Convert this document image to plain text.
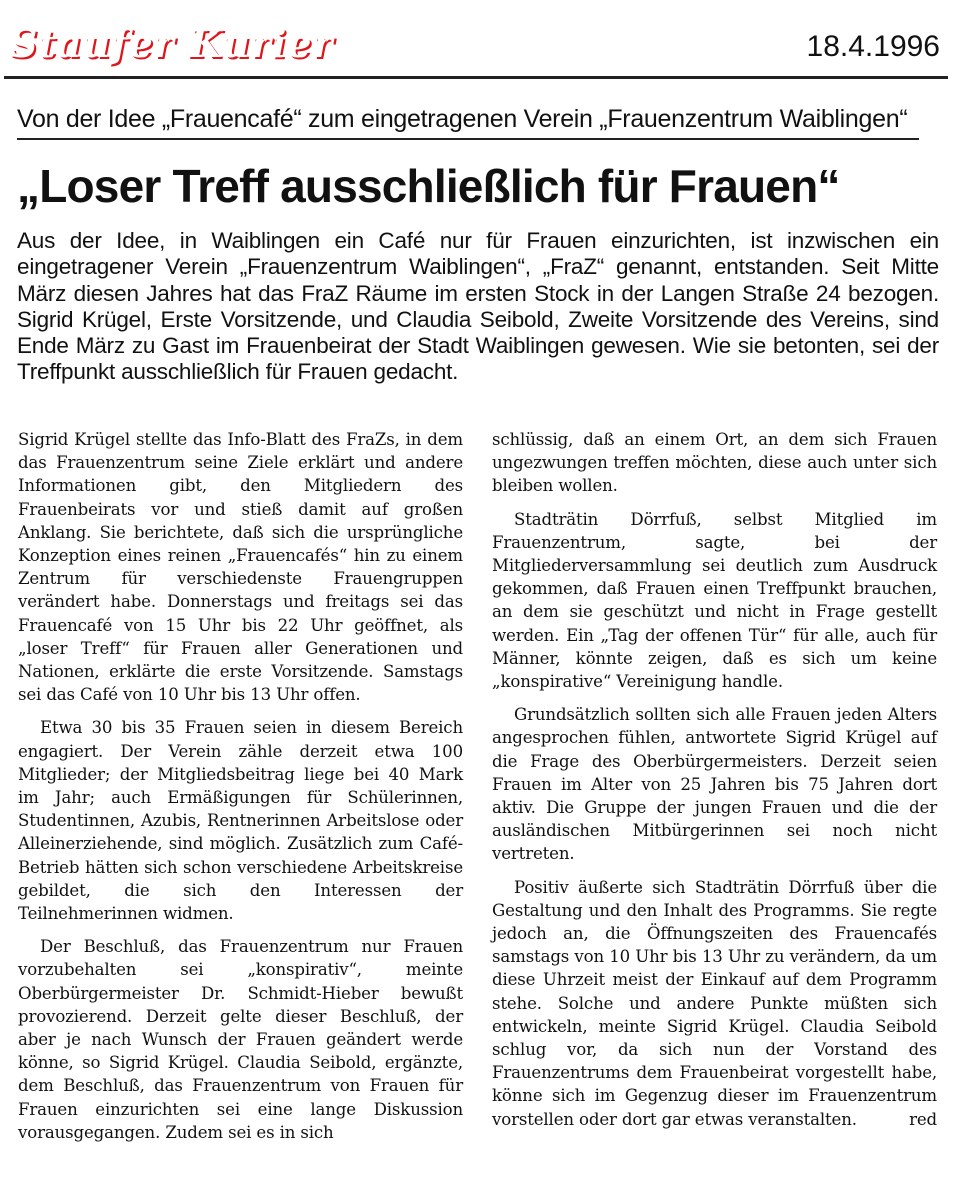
Staufer Kurier	18.4.1996
Von der Idee „Frauencafé“ zum eingetragenen Verein „Frauenzentrum Waiblingen“
„Loser Treff ausschließlich für Frauen“
Aus der Idee, in Waiblingen ein Café nur für Frauen einzurichten, ist inzwischen ein eingetragener Verein „Frauenzentrum Waiblingen“, „FraZ“ genannt, entstanden. Seit Mitte März diesen Jahres hat das FraZ Räume im ersten Stock in der Langen Straße 24 bezogen. Sigrid Krügel, Erste Vorsitzende, und Claudia Seibold, Zweite Vorsitzende des Vereins, sind Ende März zu Gast im Frauenbeirat der Stadt Waiblingen gewesen. Wie sie betonten, sei der Treffpunkt ausschließlich für Frauen gedacht.

Sigrid Krügel stellte das Info-Blatt des FraZs, in dem das Frauenzentrum seine Ziele erklärt und andere Informationen gibt, den Mitgliedern des Frauenbeirats vor und stieß damit auf großen Anklang. Sie berichtete, daß sich die ursprüngliche Konzeption eines reinen „Frauencafés“ hin zu einem Zentrum für verschiedenste Frauengruppen verändert habe. Donnerstags und freitags sei das Frauencafé von 15 Uhr bis 22 Uhr geöffnet, als „loser Treff“ für Frauen aller Generationen und Nationen, erklärte die erste Vorsitzende. Samstags sei das Café von 10 Uhr bis 13 Uhr offen.

Etwa 30 bis 35 Frauen seien in diesem Bereich engagiert. Der Verein zähle derzeit etwa 100 Mitglieder; der Mitgliedsbeitrag liege bei 40 Mark im Jahr; auch Ermäßigungen für Schülerinnen, Studentinnen, Azubis, Rentnerinnen Arbeitslose oder Alleinerziehende, sind möglich. Zusätzlich zum Café-Betrieb hätten sich schon verschiedene Arbeitskreise gebildet, die sich den Interessen der Teilnehmerinnen widmen.

Der Beschluß, das Frauenzentrum nur Frauen vorzubehalten sei „konspirativ“, meinte Oberbürgermeister Dr. Schmidt-Hieber bewußt provozierend. Derzeit gelte dieser Beschluß, der aber je nach Wunsch der Frauen geändert werde könne, so Sigrid Krügel. Claudia Seibold, ergänzte, dem Beschluß, das Frauenzentrum von Frauen für Frauen einzurichten sei eine lange Diskussion vorausgegangen. Zudem sei es in sich

schlüssig, daß an einem Ort, an dem sich Frauen ungezwungen treffen möchten, diese auch unter sich bleiben wollen.

Stadträtin Dörrfuß, selbst Mitglied im Frauenzentrum, sagte, bei der Mitgliederversammlung sei deutlich zum Ausdruck gekommen, daß Frauen einen Treffpunkt brauchen, an dem sie geschützt und nicht in Frage gestellt werden. Ein „Tag der offenen Tür“ für alle, auch für Männer, könnte zeigen, daß es sich um keine „konspirative“ Vereinigung handle.

Grundsätzlich sollten sich alle Frauen jeden Alters angesprochen fühlen, antwortete Sigrid Krügel auf die Frage des Oberbürgermeisters. Derzeit seien Frauen im Alter von 25 Jahren bis 75 Jahren dort aktiv. Die Gruppe der jungen Frauen und die der ausländischen Mitbürgerinnen sei noch nicht vertreten.

Positiv äußerte sich Stadträtin Dörrfuß über die Gestaltung und den Inhalt des Programms. Sie regte jedoch an, die Öffnungszeiten des Frauencafés samstags von 10 Uhr bis 13 Uhr zu verändern, da um diese Uhrzeit meist der Einkauf auf dem Programm stehe. Solche und andere Punkte müßten sich entwickeln, meinte Sigrid Krügel. Claudia Seibold schlug vor, da sich nun der Vorstand des Frauenzentrums dem Frauenbeirat vorgestellt habe, könne sich im Gegenzug dieser im Frauenzentrum vorstellen oder dort gar etwas veranstalten.	red
